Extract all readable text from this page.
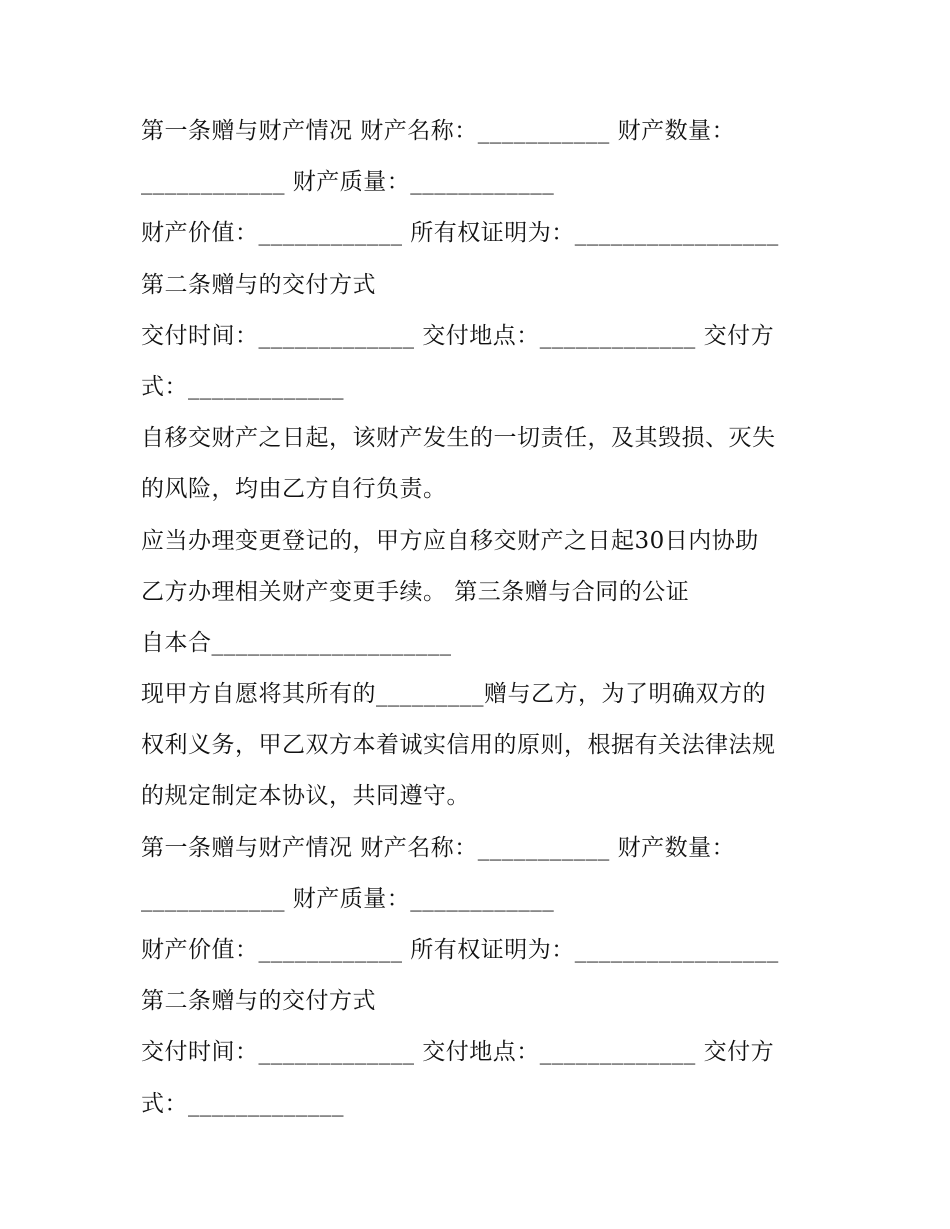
第一条赠与财产情况 财产名称：___________ 财产数量：
____________ 财产质量：____________
财产价值：____________ 所有权证明为：_________________
第二条赠与的交付方式
交付时间：_____________ 交付地点：_____________ 交付方
式：_____________
自移交财产之日起，该财产发生的一切责任，及其毁损、灭失
的风险，均由乙方自行负责。
应当办理变更登记的，甲方应自移交财产之日起30日内协助
乙方办理相关财产变更手续。 第三条赠与合同的公证
自本合____________________
现甲方自愿将其所有的_________赠与乙方，为了明确双方的
权利义务，甲乙双方本着诚实信用的原则，根据有关法律法规
的规定制定本协议，共同遵守。
第一条赠与财产情况 财产名称：___________ 财产数量：
____________ 财产质量：____________
财产价值：____________ 所有权证明为：_________________
第二条赠与的交付方式
交付时间：_____________ 交付地点：_____________ 交付方
式：_____________
